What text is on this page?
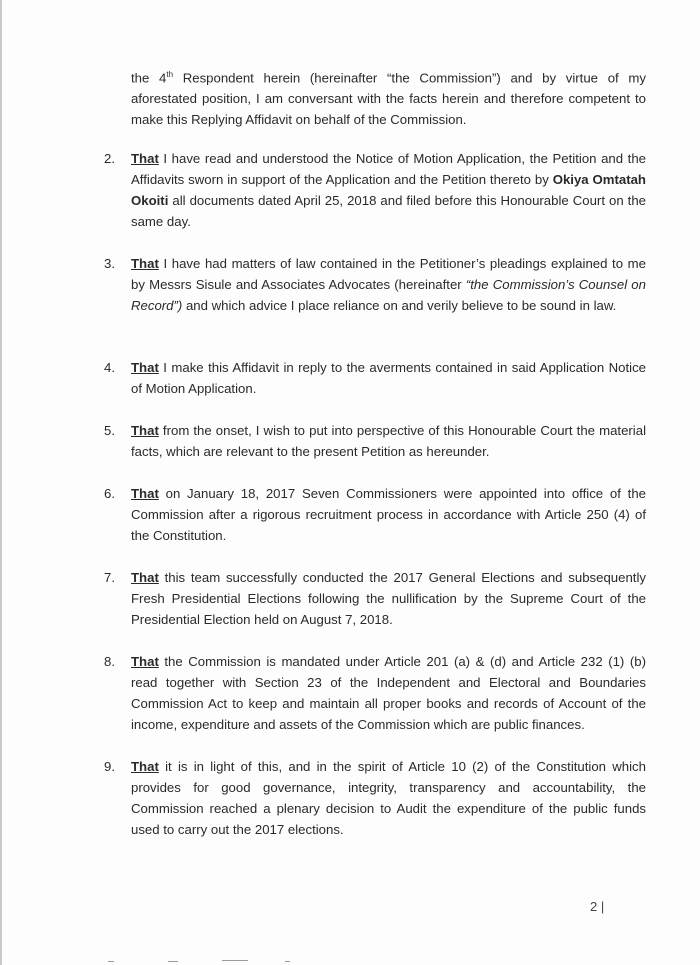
the 4th Respondent herein (hereinafter “the Commission”) and by virtue of my aforestated position, I am conversant with the facts herein and therefore competent to make this Replying Affidavit on behalf of the Commission.

2. That I have read and understood the Notice of Motion Application, the Petition and the Affidavits sworn in support of the Application and the Petition thereto by Okiya Omtatah Okoiti all documents dated April 25, 2018 and filed before this Honourable Court on the same day.

3. That I have had matters of law contained in the Petitioner’s pleadings explained to me by Messrs Sisule and Associates Advocates (hereinafter “the Commission’s Counsel on Record”) and which advice I place reliance on and verily believe to be sound in law.

4. That I make this Affidavit in reply to the averments contained in said Application Notice of Motion Application.

5. That from the onset, I wish to put into perspective of this Honourable Court the material facts, which are relevant to the present Petition as hereunder.

6. That on January 18, 2017 Seven Commissioners were appointed into office of the Commission after a rigorous recruitment process in accordance with Article 250 (4) of the Constitution.

7. That this team successfully conducted the 2017 General Elections and subsequently Fresh Presidential Elections following the nullification by the Supreme Court of the Presidential Election held on August 7, 2018.

8. That the Commission is mandated under Article 201 (a) & (d) and Article 232 (1) (b) read together with Section 23 of the Independent and Electoral and Boundaries Commission Act to keep and maintain all proper books and records of Account of the income, expenditure and assets of the Commission which are public finances.

9. That it is in light of this, and in the spirit of Article 10 (2) of the Constitution which provides for good governance, integrity, transparency and accountability, the Commission reached a plenary decision to Audit the expenditure of the public funds used to carry out the 2017 elections.

2 |
